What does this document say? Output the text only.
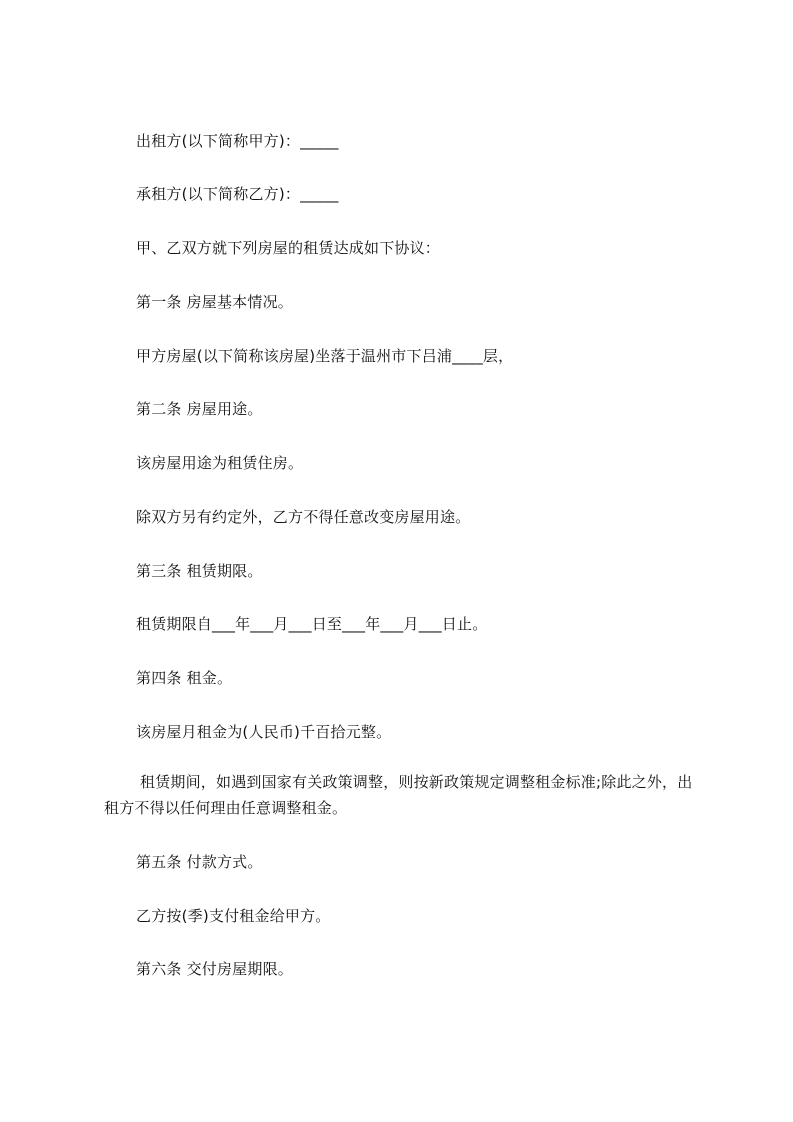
出租方(以下简称甲方)：_____
承租方(以下简称乙方)：_____
甲、乙双方就下列房屋的租赁达成如下协议：
第一条 房屋基本情况。
甲方房屋(以下简称该房屋)坐落于温州市下吕浦____层，
第二条 房屋用途。
该房屋用途为租赁住房。
除双方另有约定外，乙方不得任意改变房屋用途。
第三条 租赁期限。
租赁期限自___年___月___日至___年___月___日止。
第四条 租金。
该房屋月租金为(人民币)千百拾元整。
租赁期间，如遇到国家有关政策调整，则按新政策规定调整租金标准;除此之外，出租方不得以任何理由任意调整租金。
第五条 付款方式。
乙方按(季)支付租金给甲方。
第六条 交付房屋期限。
